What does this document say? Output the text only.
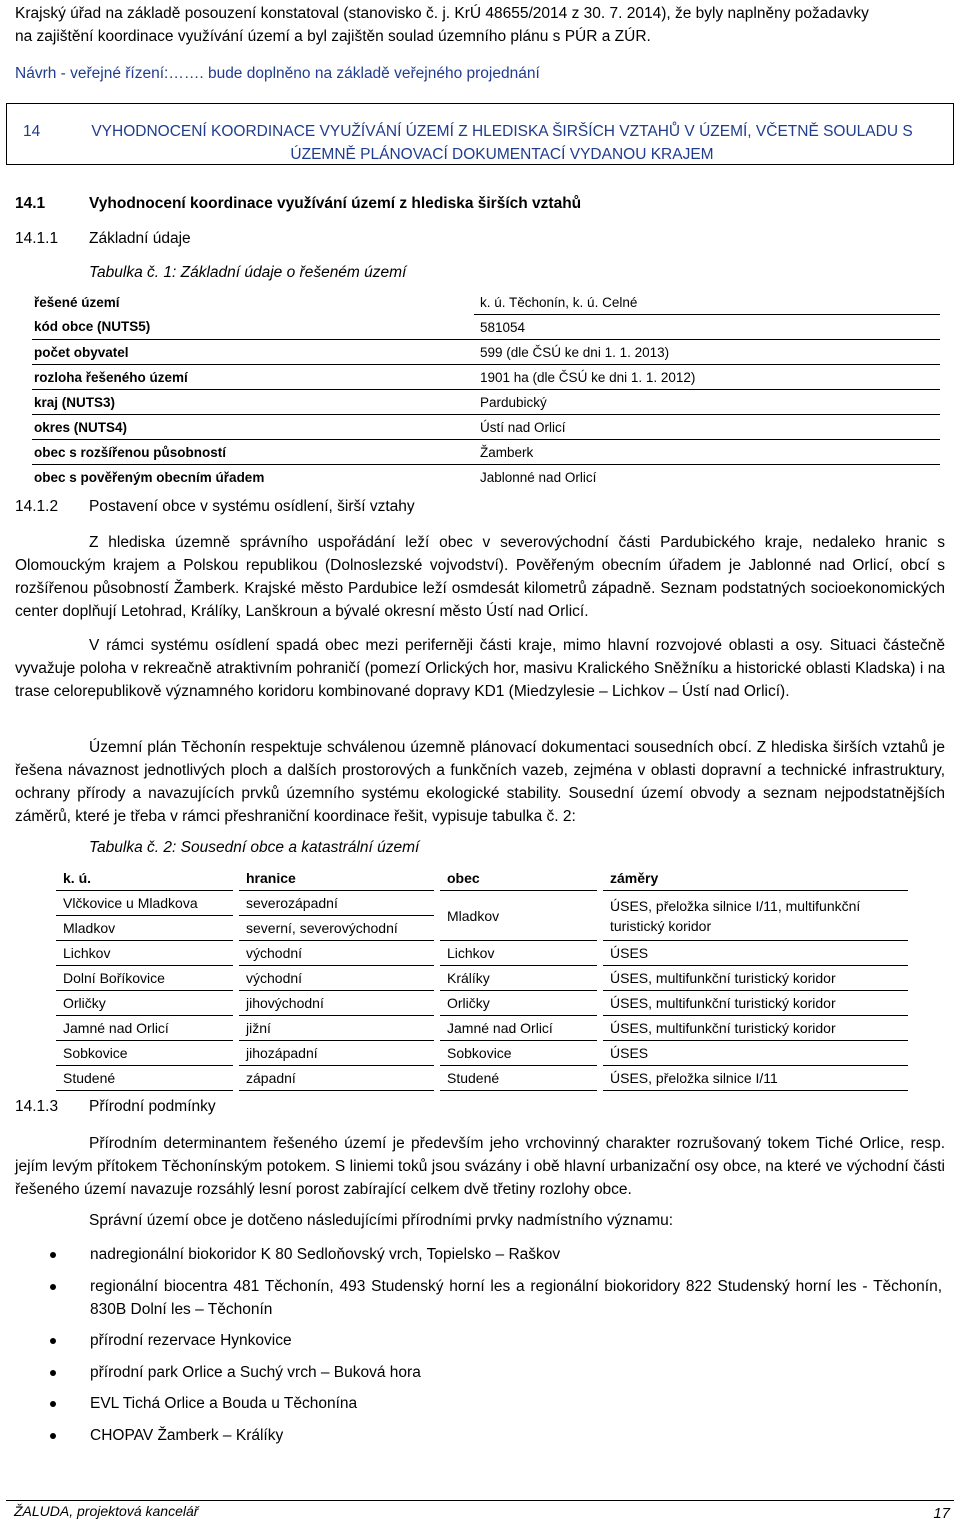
Krajský úřad na základě posouzení konstatoval (stanovisko č. j. KrÚ 48655/2014 z 30. 7. 2014), že byly naplněny požadavky
na zajištění koordinace využívání území a byl zajištěn soulad územního plánu s PÚR a ZÚR.
Návrh - veřejné řízení:……. bude doplněno na základě veřejného projednání
14	VYHODNOCENÍ KOORDINACE VYUŽÍVÁNÍ ÚZEMÍ Z HLEDISKA ŠIRŠÍCH VZTAHŮ V ÚZEMÍ, VČETNĚ SOULADU S ÚZEMNĚ PLÁNOVACÍ DOKUMENTACÍ VYDANOU KRAJEM
14.1	Vyhodnocení koordinace využívání území z hlediska širších vztahů
14.1.1 Základní údaje
Tabulka č. 1: Základní údaje o řešeném území
řešené území	k. ú. Těchonín, k. ú. Celné
kód obce (NUTS5)	581054
počet obyvatel	599 (dle ČSÚ ke dni 1. 1. 2013)
rozloha řešeného území	1901 ha (dle ČSÚ ke dni 1. 1. 2012)
kraj (NUTS3)	Pardubický
okres (NUTS4)	Ústí nad Orlicí
obec s rozšířenou působností	Žamberk
obec s pověřeným obecním úřadem	Jablonné nad Orlicí
14.1.2 Postavení obce v systému osídlení, širší vztahy
Z hlediska územně správního uspořádání leží obec v severovýchodní části Pardubického kraje, nedaleko hranic s Olomouckým krajem a Polskou republikou (Dolnoslezské vojvodství). Pověřeným obecním úřadem je Jablonné nad Orlicí, obcí s rozšířenou působností Žamberk. Krajské město Pardubice leží osmdesát kilometrů západně. Seznam podstatných socioekonomických center doplňují Letohrad, Králíky, Lanškroun a bývalé okresní město Ústí nad Orlicí.
V rámci systému osídlení spadá obec mezi periferněji části kraje, mimo hlavní rozvojové oblasti a osy. Situaci částečně vyvažuje poloha v rekreačně atraktivním pohraničí (pomezí Orlických hor, masivu Kralického Sněžníku a historické oblasti Kladska) i na trase celorepublikově významného koridoru kombinované dopravy KD1 (Miedzylesie – Lichkov – Ústí nad Orlicí).
Územní plán Těchonín respektuje schválenou územně plánovací dokumentaci sousedních obcí. Z hlediska širších vztahů je řešena návaznost jednotlivých ploch a dalších prostorových a funkčních vazeb, zejména v oblasti dopravní a technické infrastruktury, ochrany přírody a navazujících prvků územního systému ekologické stability. Sousední území obvody a seznam nejpodstatnějších záměrů, které je třeba v rámci přeshraniční koordinace řešit, vypisuje tabulka č. 2:
Tabulka č. 2: Sousední obce a katastrální území
k. ú.		hranice		obec		záměry
Vlčkovice u Mladkova		severozápadní		Mladkov		ÚSES, přeložka silnice I/11, multifunkční turistický koridor
Mladkov		severní, severovýchodní				
Lichkov		východní		Lichkov		ÚSES
Dolní Boříkovice		východní		Králíky		ÚSES, multifunkční turistický koridor
Orličky		jihovýchodní		Orličky		ÚSES, multifunkční turistický koridor
Jamné nad Orlicí		jižní		Jamné nad Orlicí		ÚSES, multifunkční turistický koridor
Sobkovice		jihozápadní		Sobkovice		ÚSES
Studené		západní		Studené		ÚSES, přeložka silnice I/11
14.1.3 Přírodní podmínky
Přírodním determinantem řešeného území je především jeho vrchovinný charakter rozrušovaný tokem Tiché Orlice, resp. jejím levým přítokem Těchonínským potokem. S liniemi toků jsou svázány i obě hlavní urbanizační osy obce, na které ve východní části řešeného území navazuje rozsáhlý lesní porost zabírající celkem dvě třetiny rozlohy obce.
Správní území obce je dotčeno následujícími přírodními prvky nadmístního významu:
nadregionální biokoridor K 80 Sedloňovský vrch, Topielsko – Raškov
regionální biocentra 481 Těchonín, 493 Studenský horní les a regionální biokoridory 822 Studenský horní les - Těchonín, 830B Dolní les – Těchonín
přírodní rezervace Hynkovice
přírodní park Orlice a Suchý vrch – Buková hora
EVL Tichá Orlice a Bouda u Těchonína
CHOPAV Žamberk – Králíky
ŽALUDA, projektová kancelář	17
